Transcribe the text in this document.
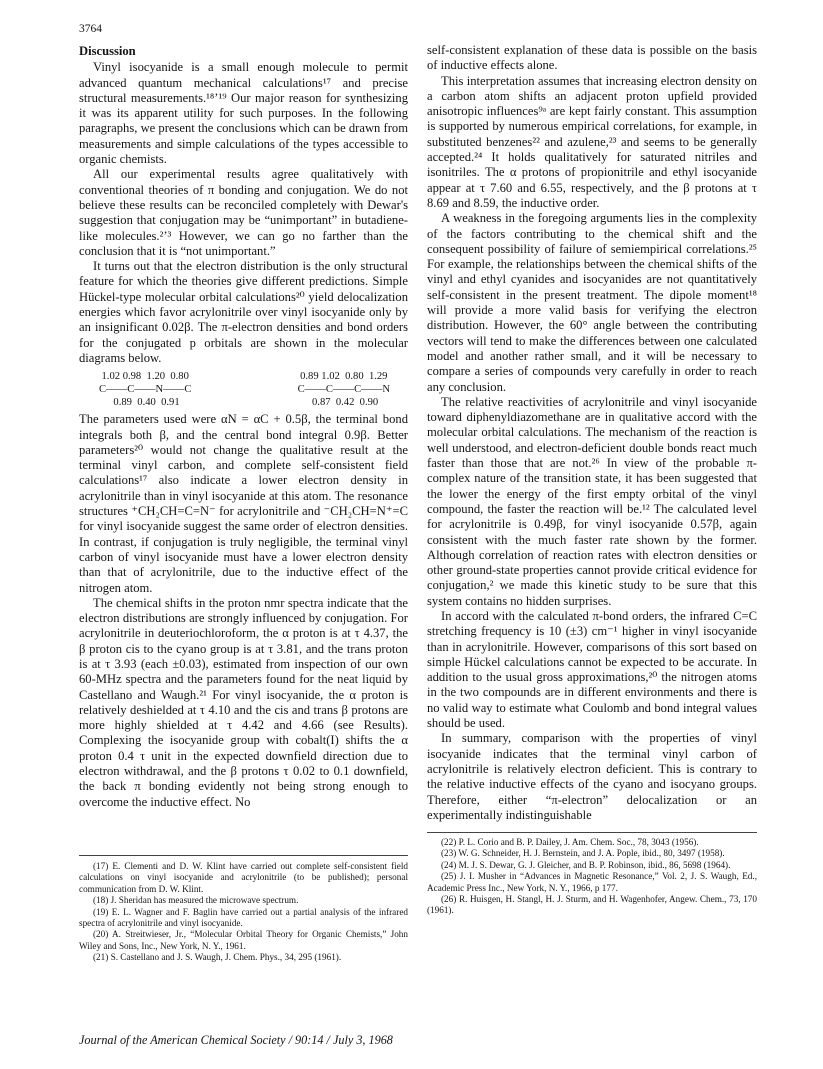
3764
Discussion

Vinyl isocyanide is a small enough molecule to permit advanced quantum mechanical calculations¹⁷ and precise structural measurements.¹⁸ʼ¹⁹ Our major reason for synthesizing it was its apparent utility for such purposes. In the following paragraphs, we present the conclusions which can be drawn from measurements and simple calculations of the types accessible to organic chemists.

All our experimental results agree qualitatively with conventional theories of π bonding and conjugation. We do not believe these results can be reconciled completely with Dewar's suggestion that conjugation may be “unimportant” in butadiene-like molecules.²ʼ³ However, we can go no farther than the conclusion that it is “not unimportant.”

It turns out that the electron distribution is the only structural feature for which the theories give different predictions. Simple Hückel-type molecular orbital calculations²⁰ yield delocalization energies which favor acrylonitrile over vinyl isocyanide only by an insignificant 0.02β. The π-electron densities and bond orders for the conjugated p orbitals are shown in the molecular diagrams below.

1.02 0.98  1.20  0.80
C——C——N——C
0.89  0.40  0.91
0.89 1.02  0.80  1.29
C——C——C——N
0.87  0.42  0.90

The parameters used were αN = αC + 0.5β, the terminal bond integrals both β, and the central bond integral 0.9β. Better parameters²⁰ would not change the qualitative result at the terminal vinyl carbon, and complete self-consistent field calculations¹⁷ also indicate a lower electron density in acrylonitrile than in vinyl isocyanide at this atom. The resonance structures ⁺CH₂CH=C=N⁻ for acrylonitrile and ⁻CH₂CH=N⁺=C for vinyl isocyanide suggest the same order of electron densities. In contrast, if conjugation is truly negligible, the terminal vinyl carbon of vinyl isocyanide must have a lower electron density than that of acrylonitrile, due to the inductive effect of the nitrogen atom.

The chemical shifts in the proton nmr spectra indicate that the electron distributions are strongly influenced by conjugation. For acrylonitrile in deuteriochloroform, the α proton is at τ 4.37, the β proton cis to the cyano group is at τ 3.81, and the trans proton is at τ 3.93 (each ±0.03), estimated from inspection of our own 60-MHz spectra and the parameters found for the neat liquid by Castellano and Waugh.²¹ For vinyl isocyanide, the α proton is relatively deshielded at τ 4.10 and the cis and trans β protons are more highly shielded at τ 4.42 and 4.66 (see Results). Complexing the isocyanide group with cobalt(I) shifts the α proton 0.4 τ unit in the expected downfield direction due to electron withdrawal, and the β protons τ 0.02 to 0.1 downfield, the back π bonding evidently not being strong enough to overcome the inductive effect. No

self-consistent explanation of these data is possible on the basis of inductive effects alone.

This interpretation assumes that increasing electron density on a carbon atom shifts an adjacent proton upfield provided anisotropic influences⁹ᵃ are kept fairly constant. This assumption is supported by numerous empirical correlations, for example, in substituted benzenes²² and azulene,²³ and seems to be generally accepted.²⁴ It holds qualitatively for saturated nitriles and isonitriles. The α protons of propionitrile and ethyl isocyanide appear at τ 7.60 and 6.55, respectively, and the β protons at τ 8.69 and 8.59, the inductive order.

A weakness in the foregoing arguments lies in the complexity of the factors contributing to the chemical shift and the consequent possibility of failure of semiempirical correlations.²⁵ For example, the relationships between the chemical shifts of the vinyl and ethyl cyanides and isocyanides are not quantitatively self-consistent in the present treatment. The dipole moment¹⁸ will provide a more valid basis for verifying the electron distribution. However, the 60° angle between the contributing vectors will tend to make the differences between one calculated model and another rather small, and it will be necessary to compare a series of compounds very carefully in order to reach any conclusion.

The relative reactivities of acrylonitrile and vinyl isocyanide toward diphenyldiazomethane are in qualitative accord with the molecular orbital calculations. The mechanism of the reaction is well understood, and electron-deficient double bonds react much faster than those that are not.²⁶ In view of the probable π-complex nature of the transition state, it has been suggested that the lower the energy of the first empty orbital of the vinyl compound, the faster the reaction will be.¹² The calculated level for acrylonitrile is 0.49β, for vinyl isocyanide 0.57β, again consistent with the much faster rate shown by the former. Although correlation of reaction rates with electron densities or other ground-state properties cannot provide critical evidence for conjugation,² we made this kinetic study to be sure that this system contains no hidden surprises.

In accord with the calculated π-bond orders, the infrared C=C stretching frequency is 10 (±3) cm⁻¹ higher in vinyl isocyanide than in acrylonitrile. However, comparisons of this sort based on simple Hückel calculations cannot be expected to be accurate. In addition to the usual gross approximations,²⁰ the nitrogen atoms in the two compounds are in different environments and there is no valid way to estimate what Coulomb and bond integral values should be used.

In summary, comparison with the properties of vinyl isocyanide indicates that the terminal vinyl carbon of acrylonitrile is relatively electron deficient. This is contrary to the relative inductive effects of the cyano and isocyano groups. Therefore, either “π-electron” delocalization or an experimentally indistinguishable

(17) E. Clementi and D. W. Klint have carried out complete self-consistent field calculations on vinyl isocyanide and acrylonitrile (to be published); personal communication from D. W. Klint.

(18) J. Sheridan has measured the microwave spectrum.

(19) E. L. Wagner and F. Baglin have carried out a partial analysis of the infrared spectra of acrylonitrile and vinyl isocyanide.

(20) A. Streitwieser, Jr., “Molecular Orbital Theory for Organic Chemists,” John Wiley and Sons, Inc., New York, N. Y., 1961.

(21) S. Castellano and J. S. Waugh, J. Chem. Phys., 34, 295 (1961).

(22) P. L. Corio and B. P. Dailey, J. Am. Chem. Soc., 78, 3043 (1956).

(23) W. G. Schneider, H. J. Bernstein, and J. A. Pople, ibid., 80, 3497 (1958).

(24) M. J. S. Dewar, G. J. Gleicher, and B. P. Robinson, ibid., 86, 5698 (1964).

(25) J. I. Musher in “Advances in Magnetic Resonance,” Vol. 2, J. S. Waugh, Ed., Academic Press Inc., New York, N. Y., 1966, p 177.

(26) R. Huisgen, H. Stangl, H. J. Sturm, and H. Wagenhofer, Angew. Chem., 73, 170 (1961).

Journal of the American Chemical Society / 90:14 / July 3, 1968
